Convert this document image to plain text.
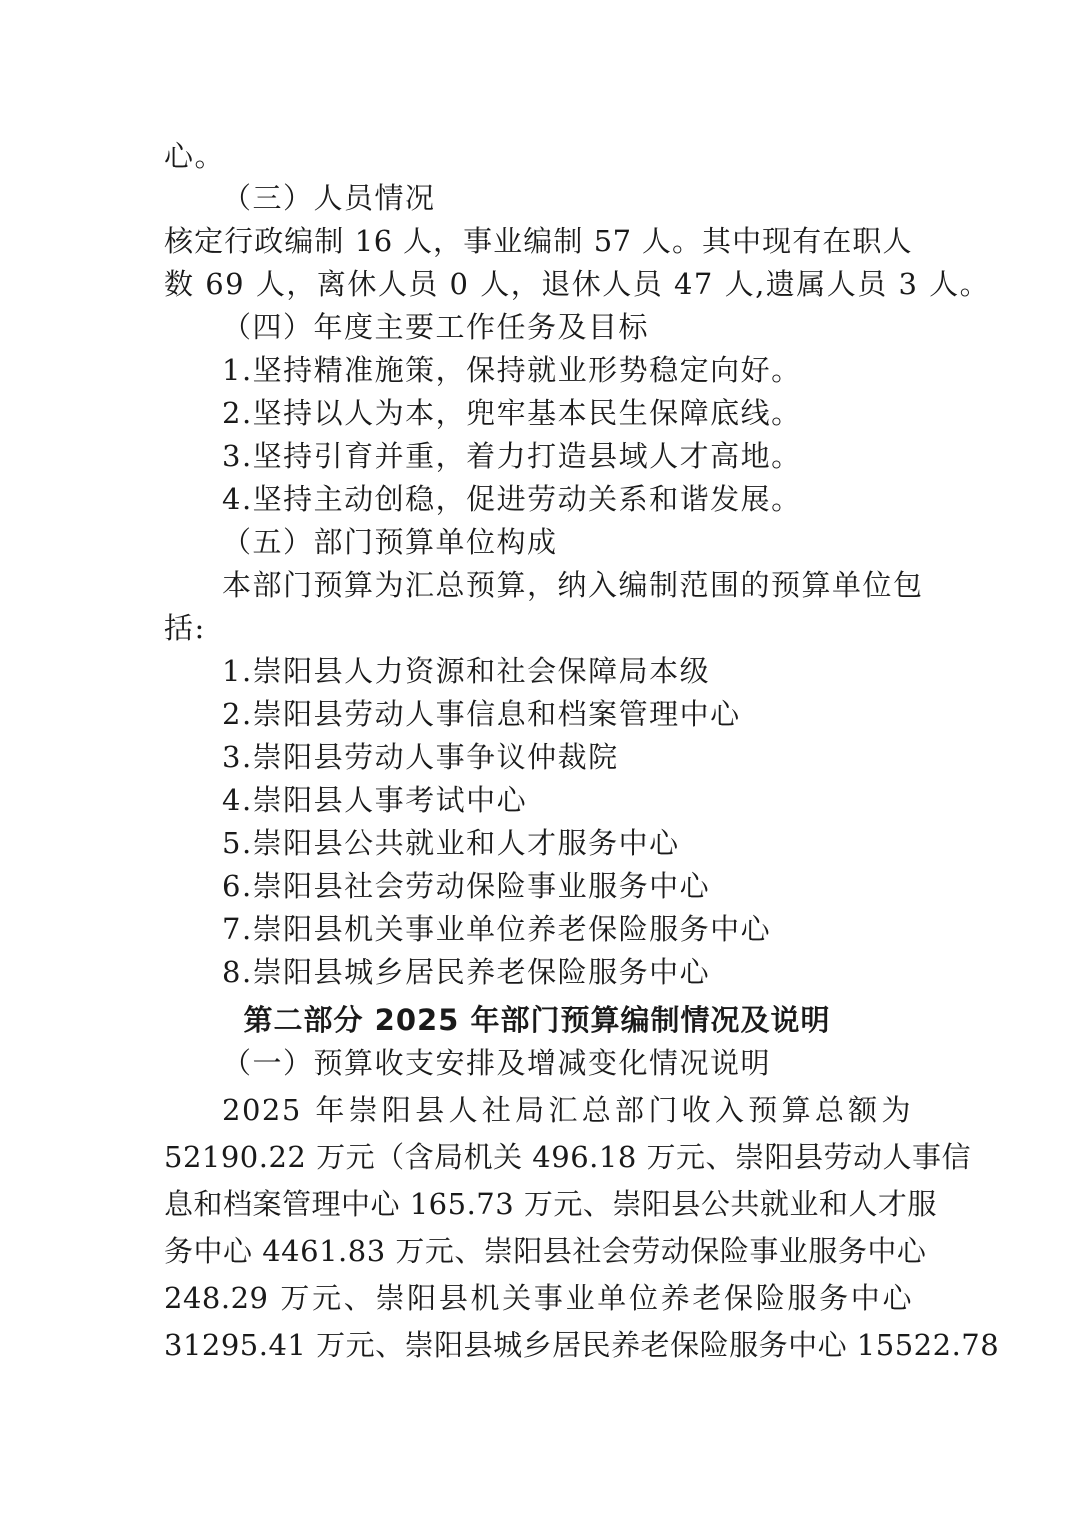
心。
（三）人员情况
核定行政编制 16 人，事业编制 57 人。其中现有在职人
数 69 人，离休人员 0 人，退休人员 47 人,遗属人员 3 人。
（四）年度主要工作任务及目标
1.坚持精准施策，保持就业形势稳定向好。
2.坚持以人为本，兜牢基本民生保障底线。
3.坚持引育并重，着力打造县域人才高地。
4.坚持主动创稳，促进劳动关系和谐发展。
（五）部门预算单位构成
本部门预算为汇总预算，纳入编制范围的预算单位包
括:
1.崇阳县人力资源和社会保障局本级
2.崇阳县劳动人事信息和档案管理中心
3.崇阳县劳动人事争议仲裁院
4.崇阳县人事考试中心
5.崇阳县公共就业和人才服务中心
6.崇阳县社会劳动保险事业服务中心
7.崇阳县机关事业单位养老保险服务中心
8.崇阳县城乡居民养老保险服务中心
第二部分 2025 年部门预算编制情况及说明
（一）预算收支安排及增减变化情况说明
2025 年崇阳县人社局汇总部门收入预算总额为
52190.22 万元（含局机关 496.18 万元、崇阳县劳动人事信
息和档案管理中心 165.73 万元、崇阳县公共就业和人才服
务中心 4461.83 万元、崇阳县社会劳动保险事业服务中心
248.29 万元、崇阳县机关事业单位养老保险服务中心
31295.41 万元、崇阳县城乡居民养老保险服务中心 15522.78
